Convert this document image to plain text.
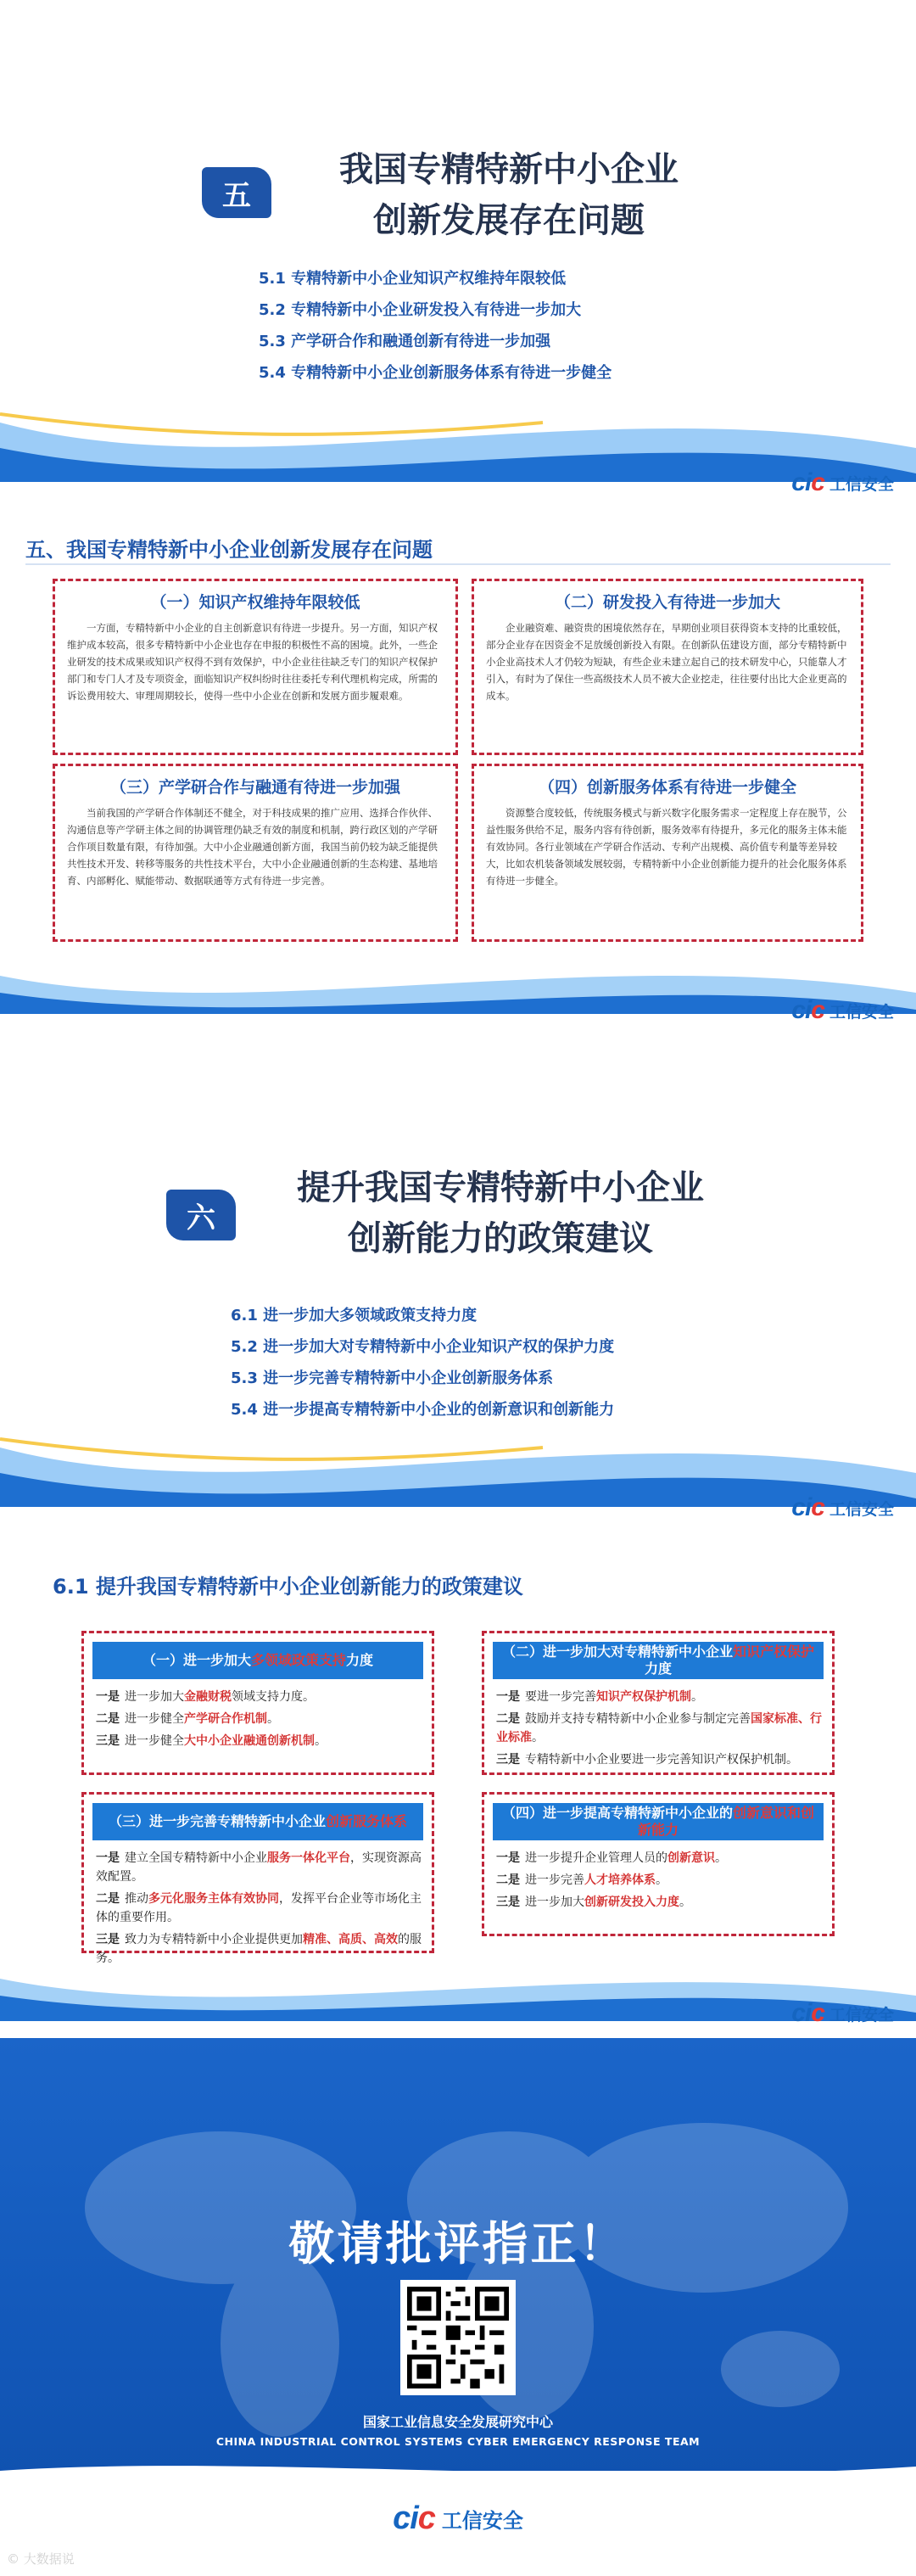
五
我国专精特新中小企业
创新发展存在问题
5.1 专精特新中小企业知识产权维持年限较低
5.2 专精特新中小企业研发投入有待进一步加大
5.3 产学研合作和融通创新有待进一步加强
5.4 专精特新中小企业创新服务体系有待进一步健全
cic 工信安全
五、我国专精特新中小企业创新发展存在问题
（一）知识产权维持年限较低
一方面，专精特新中小企业的自主创新意识有待进一步提升。另一方面，知识产权维护成本较高，很多专精特新中小企业也存在申报的积极性不高的困境。此外，一些企业研发的技术成果或知识产权得不到有效保护，中小企业往往缺乏专门的知识产权保护部门和专门人才及专项资金，面临知识产权纠纷时往往委托专利代理机构完成，所需的诉讼费用较大、审理周期较长，使得一些中小企业在创新和发展方面步履艰难。
（二）研发投入有待进一步加大
企业融资难、融资贵的困境依然存在，早期创业项目获得资本支持的比重较低，部分企业存在因资金不足放缓创新投入有限。在创新队伍建设方面，部分专精特新中小企业高技术人才仍较为短缺，有些企业未建立起自己的技术研发中心，只能靠人才引入，有时为了保住一些高级技术人员不被大企业挖走，往往要付出比大企业更高的成本。
（三）产学研合作与融通有待进一步加强
当前我国的产学研合作体制还不健全，对于科技成果的推广应用、选择合作伙伴、沟通信息等产学研主体之间的协调管理仍缺乏有效的制度和机制，跨行政区划的产学研合作项目数量有限，有待加强。大中小企业融通创新方面，我国当前仍较为缺乏能提供共性技术开发、转移等服务的共性技术平台，大中小企业融通创新的生态构建、基地培育、内部孵化、赋能带动、数据联通等方式有待进一步完善。
（四）创新服务体系有待进一步健全
资源整合度较低，传统服务模式与新兴数字化服务需求一定程度上存在脱节，公益性服务供给不足，服务内容有待创新，服务效率有待提升，多元化的服务主体未能有效协同。各行业领域在产学研合作活动、专利产出规模、高价值专利量等差异较大，比如农机装备领域发展较弱，专精特新中小企业创新能力提升的社会化服务体系有待进一步健全。
cic 工信安全
六
提升我国专精特新中小企业
创新能力的政策建议
6.1 进一步加大多领域政策支持力度
5.2 进一步加大对专精特新中小企业知识产权的保护力度
5.3 进一步完善专精特新中小企业创新服务体系
5.4 进一步提高专精特新中小企业的创新意识和创新能力
cic 工信安全
6.1 提升我国专精特新中小企业创新能力的政策建议
（一）进一步加大多领域政策支持力度
一是 进一步加大金融财税领域支持力度。
二是 进一步健全产学研合作机制。
三是 进一步健全大中小企业融通创新机制。
（二）进一步加大对专精特新中小企业知识产权保护力度
一是 要进一步完善知识产权保护机制。
二是 鼓励并支持专精特新中小企业参与制定完善国家标准、行业标准。
三是 专精特新中小企业要进一步完善知识产权保护机制。
（三）进一步完善专精特新中小企业创新服务体系
一是 建立全国专精特新中小企业服务一体化平台，实现资源高效配置。
二是 推动多元化服务主体有效协同，发挥平台企业等市场化主体的重要作用。
三是 致力为专精特新中小企业提供更加精准、高质、高效的服务。
（四）进一步提高专精特新中小企业的创新意识和创新能力
一是 进一步提升企业管理人员的创新意识。
二是 进一步完善人才培养体系。
三是 进一步加大创新研发投入力度。
cic 工信安全
敬请批评指正！
国家工业信息安全发展研究中心
CHINA INDUSTRIAL CONTROL SYSTEMS CYBER EMERGENCY RESPONSE TEAM
cic 工信安全
© 大数据说
